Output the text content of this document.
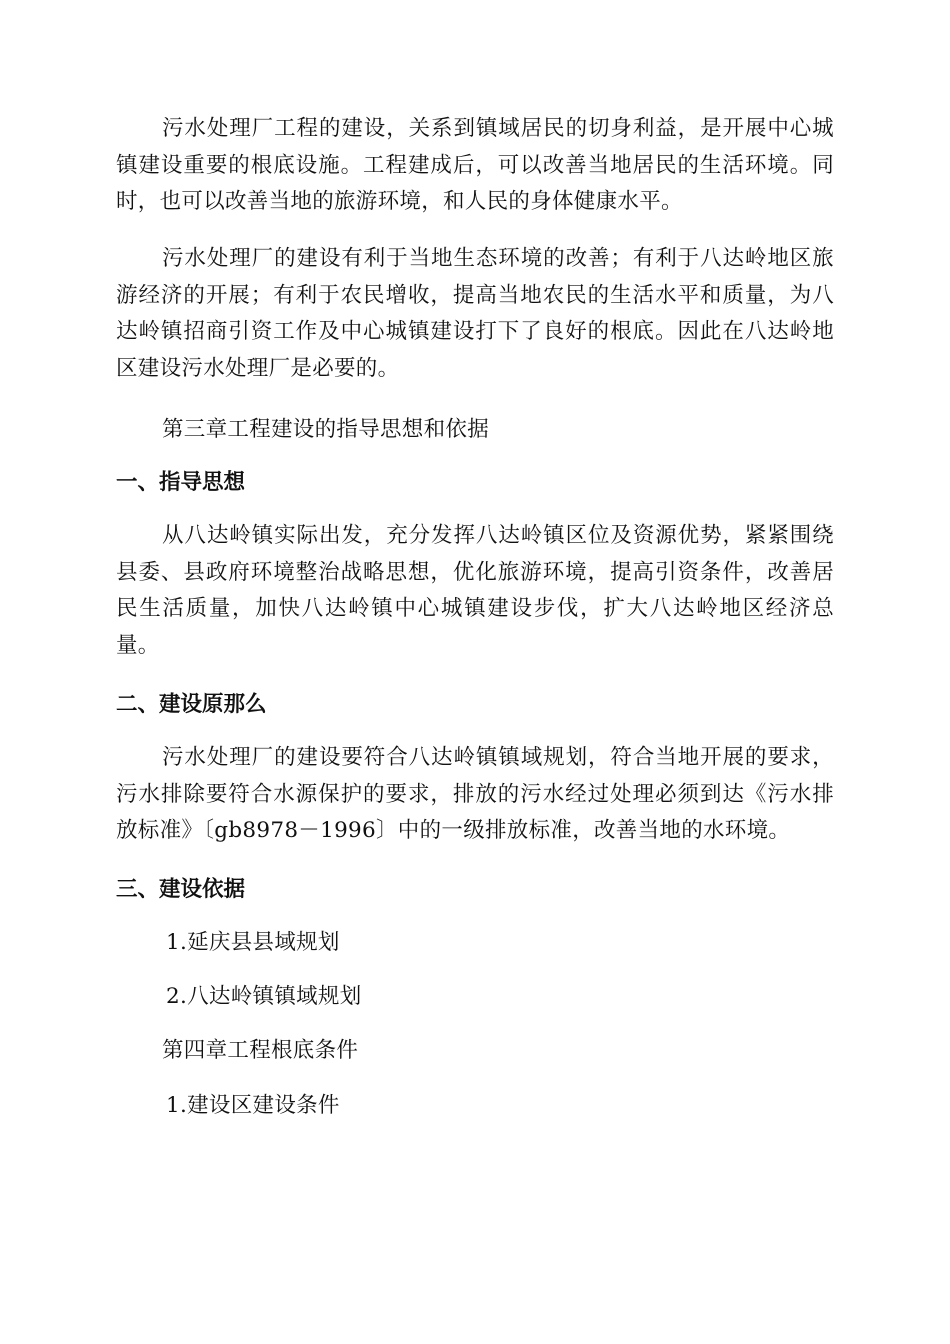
污水处理厂工程的建设，关系到镇域居民的切身利益，是开展中心城镇建设重要的根底设施。工程建成后，可以改善当地居民的生活环境。同时，也可以改善当地的旅游环境，和人民的身体健康水平。

污水处理厂的建设有利于当地生态环境的改善；有利于八达岭地区旅游经济的开展；有利于农民增收，提高当地农民的生活水平和质量，为八达岭镇招商引资工作及中心城镇建设打下了良好的根底。因此在八达岭地区建设污水处理厂是必要的。

第三章工程建设的指导思想和依据

一、指导思想

从八达岭镇实际出发，充分发挥八达岭镇区位及资源优势，紧紧围绕县委、县政府环境整治战略思想，优化旅游环境，提高引资条件，改善居民生活质量，加快八达岭镇中心城镇建设步伐，扩大八达岭地区经济总量。

二、建设原那么

污水处理厂的建设要符合八达岭镇镇域规划，符合当地开展的要求，污水排除要符合水源保护的要求，排放的污水经过处理必须到达《污水排放标准》〔gb8978－1996〕中的一级排放标准，改善当地的水环境。

三、建设依据

1.延庆县县域规划

2.八达岭镇镇域规划

第四章工程根底条件

1.建设区建设条件
